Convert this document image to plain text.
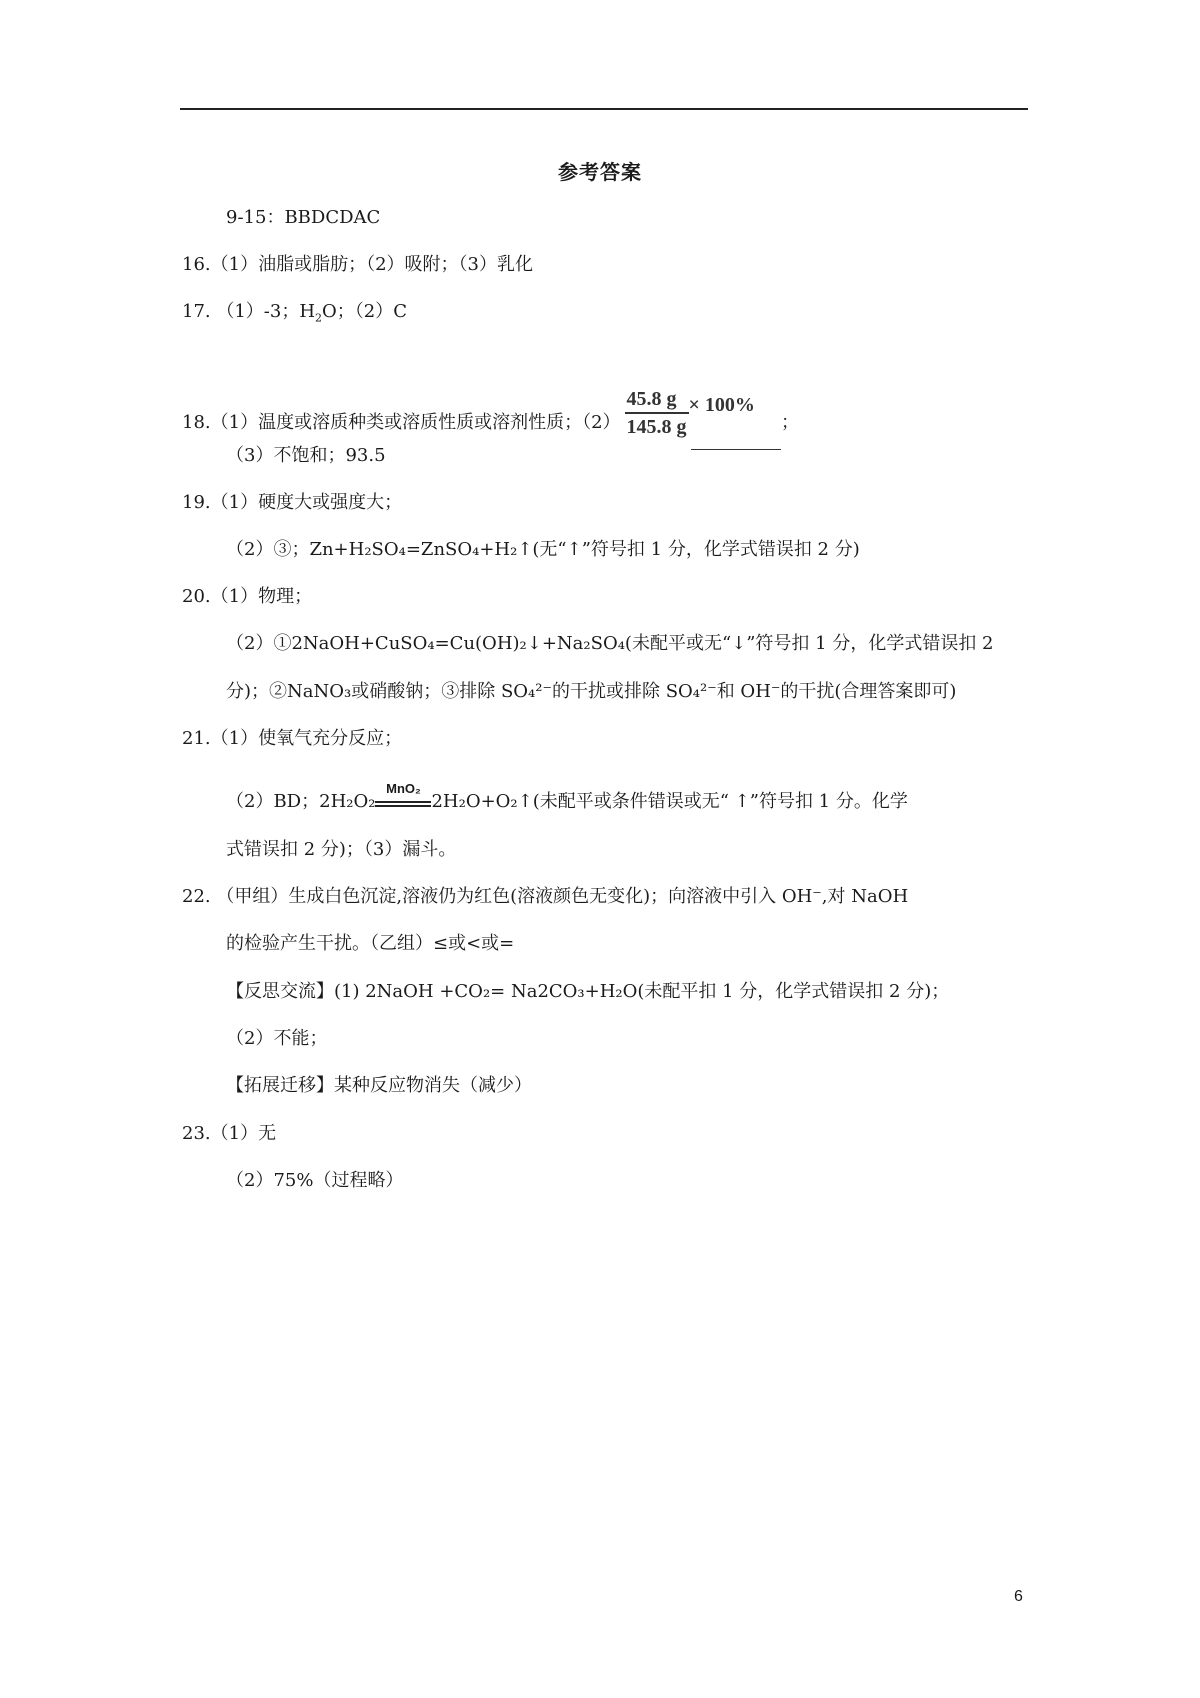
参考答案
9-15：BBDCDAC
16.（1）油脂或脂肪；（2）吸附；（3）乳化
17. （1）-3；$H_2O$；（2）C
18.（1）温度或溶质种类或溶质性质或溶剂性质；$(2) \frac{45.8 g}{145.8 g} \times 100\%$；
（3）不饱和；93.5
19.（1）硬度大或强度大；
（2）③；Zn+H₂SO₄=ZnSO₄+H₂↑(无“↑”符号扣 1 分，化学式错误扣 2 分)
20.（1）物理；
（2）①2NaOH+CuSO₄=Cu(OH)₂↓+Na₂SO₄(未配平或无“↓”符号扣 1 分，化学式错误扣 2
分)；②NaNO₃或硝酸钠；③排除 SO₄²⁻的干扰或排除 SO₄²⁻和 OH⁻的干扰(合理答案即可)
21.（1）使氧气充分反应；
（2）BD；2H₂O₂
MnO₂
2H₂O+O₂↑(未配平或条件错误或无“ ↑”符号扣 1 分。化学
式错误扣 2 分)；（3）漏斗。
22. （甲组）生成白色沉淀,溶液仍为红色(溶液颜色无变化)；向溶液中引入 OH⁻,对 NaOH
的检验产生干扰。（乙组）≤或<或=
【反思交流】(1) 2NaOH +CO₂= Na2CO₃+H₂O(未配平扣 1 分，化学式错误扣 2 分)；
（2）不能；
【拓展迁移】某种反应物消失（减少）
23.（1）无
（2）75%（过程略）
6
